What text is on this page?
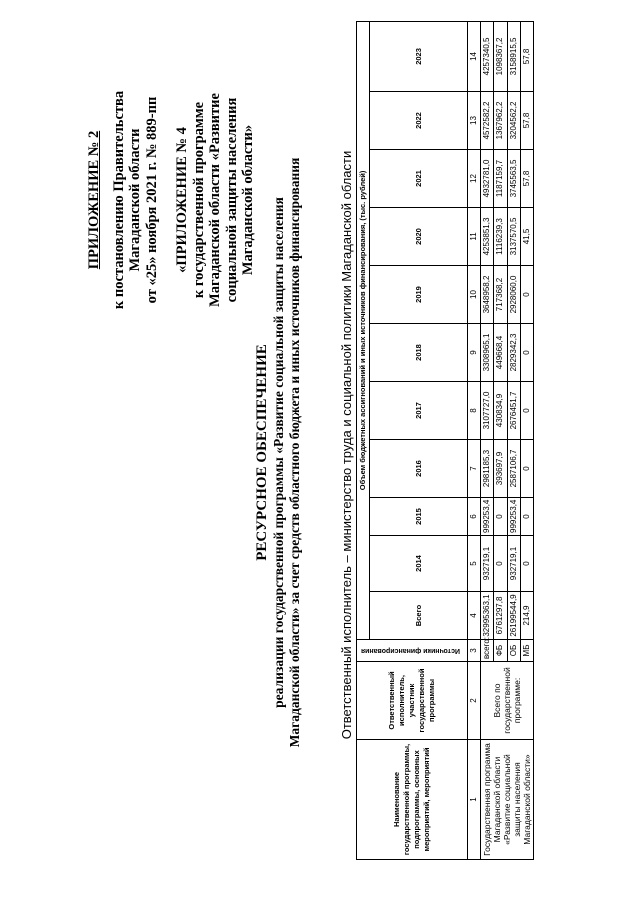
ПРИЛОЖЕНИЕ № 2 к постановлению Правительства Магаданской области от «25» ноября 2021 г. № 889-пп «ПРИЛОЖЕНИЕ № 4 к государственной программе Магаданской области «Развитие социальной защиты населения Магаданской области»

РЕСУРСНОЕ ОБЕСПЕЧЕНИЕ реализации государственной программы «Развитие социальной защиты населения Магаданской области» за счет средств областного бюджета и иных источников финансирования	Ответственный исполнитель – министерство труда и социальной политики Магаданской области
Наименование государственной программы, подпрограммы, основных мероприятий, мероприятий	Ответственный исполнитель, участник государственной программы	Источники финансирования	Объем бюджетных ассигнований и иных источников финансирования, (тыс. рублей)										
			Всего	2014	2015	2016	2017	2018	2019	2020	2021	2022	2023
1	2	3	4	5	6	7	8	9	10	11	12	13	14
Государственная программа Магаданской области «Развитие социальной защиты населения Магаданской области»	Всего по государственной программе:	всего:	32995363,1	932719,1	999253,4	2981185,3	3107727,0	3308965,1	3648958,2	4253851,3	4932781,0	4572582,2	4257340,5
		ФБ	6761297,8	0	0	393697,9	430834,9	449668,4	717368,2	1116239,3	1187159,7	1367962,2	1098367,2
		ОБ	26199544,9	932719,1	999253,4	2587106,7	2676451,7	2829342,3	2928060,0	3137570,5	3745563,5	3204562,2	3158915,5
		МБ	214,9	0	0	0	0	0	0	41,5	57,8	57,8	57,8
